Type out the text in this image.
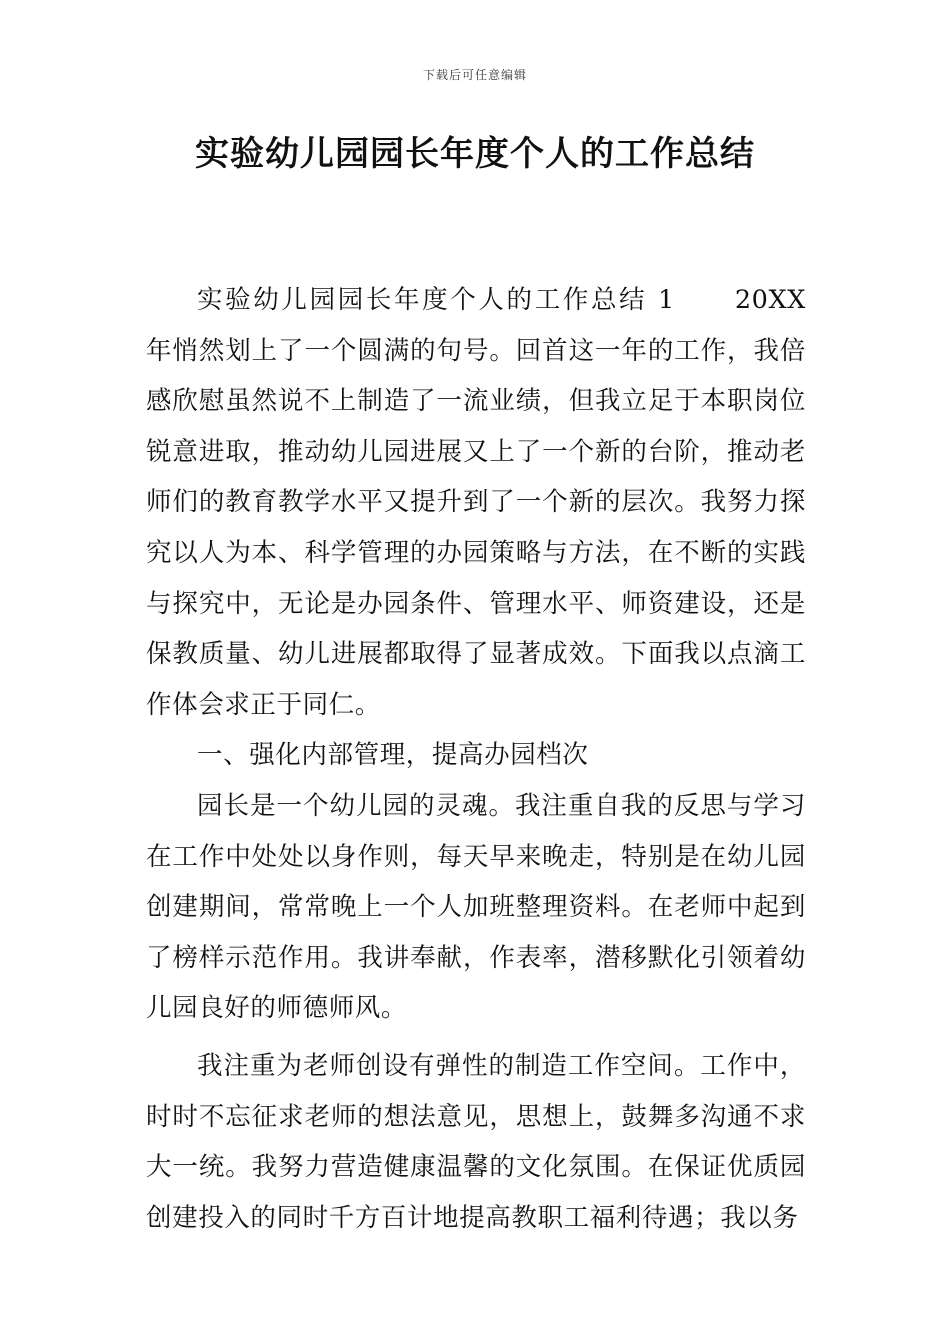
下载后可任意编辑
实验幼儿园园长年度个人的工作总结

实验幼儿园园长年度个人的工作总结 1 20XX 年悄然划上了一个圆满的句号。回首这一年的工作，我倍感欣慰虽然说不上制造了一流业绩，但我立足于本职岗位锐意进取，推动幼儿园进展又上了一个新的台阶，推动老师们的教育教学水平又提升到了一个新的层次。我努力探究以人为本、科学管理的办园策略与方法，在不断的实践与探究中，无论是办园条件、管理水平、师资建设，还是保教质量、幼儿进展都取得了显著成效。下面我以点滴工作体会求正于同仁。

一、强化内部管理，提高办园档次

园长是一个幼儿园的灵魂。我注重自我的反思与学习在工作中处处以身作则，每天早来晚走，特别是在幼儿园创建期间，常常晚上一个人加班整理资料。在老师中起到了榜样示范作用。我讲奉献，作表率，潜移默化引领着幼儿园良好的师德师风。

我注重为老师创设有弹性的制造工作空间。工作中，时时不忘征求老师的想法意见，思想上，鼓舞多沟通不求大一统。我努力营造健康温馨的文化氛围。在保证优质园创建投入的同时千方百计地提高教职工福利待遇；我以务
